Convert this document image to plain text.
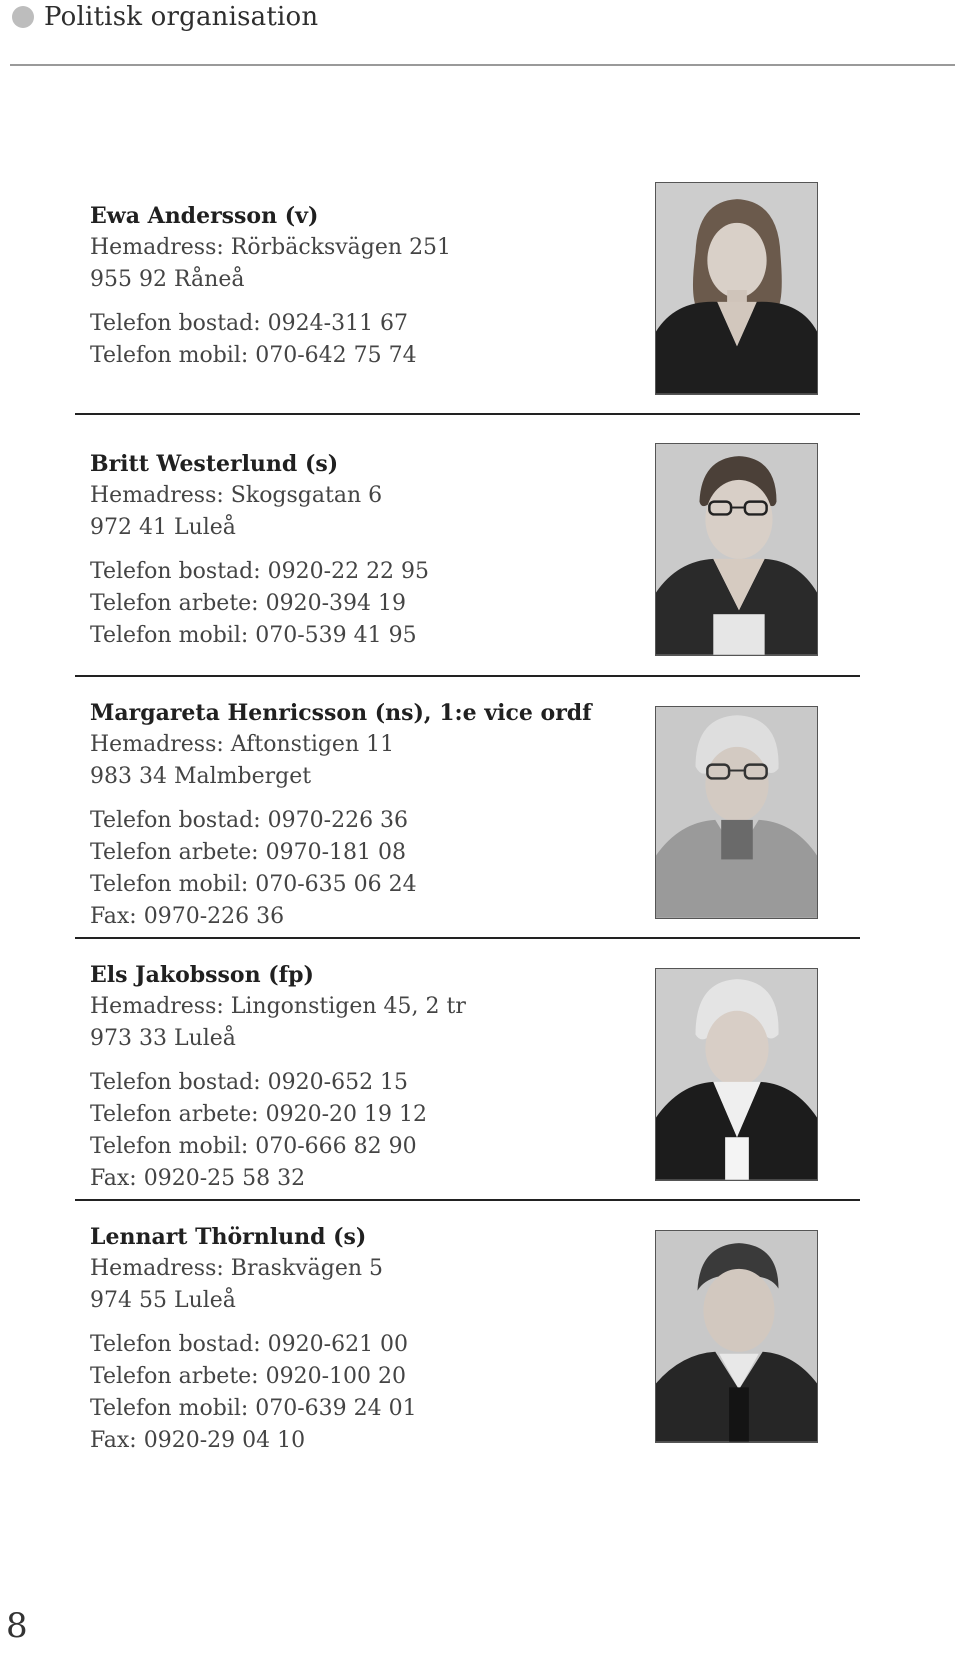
Politisk organisation
Ewa Andersson (v)
Hemadress: Rörbäcksvägen 251
955 92 Råneå
Telefon bostad: 0924-311 67
Telefon mobil: 070-642 75 74
Britt Westerlund (s)
Hemadress: Skogsgatan 6
972 41 Luleå
Telefon bostad: 0920-22 22 95
Telefon arbete: 0920-394 19
Telefon mobil: 070-539 41 95
Margareta Henricsson (ns), 1:e vice ordf
Hemadress: Aftonstigen 11
983 34 Malmberget
Telefon bostad: 0970-226 36
Telefon arbete: 0970-181 08
Telefon mobil: 070-635 06 24
Fax: 0970-226 36
Els Jakobsson (fp)
Hemadress: Lingonstigen 45, 2 tr
973 33 Luleå
Telefon bostad: 0920-652 15
Telefon arbete: 0920-20 19 12
Telefon mobil: 070-666 82 90
Fax: 0920-25 58 32
Lennart Thörnlund (s)
Hemadress: Braskvägen 5
974 55 Luleå
Telefon bostad: 0920-621 00
Telefon arbete: 0920-100 20
Telefon mobil: 070-639 24 01
Fax: 0920-29 04 10
8
